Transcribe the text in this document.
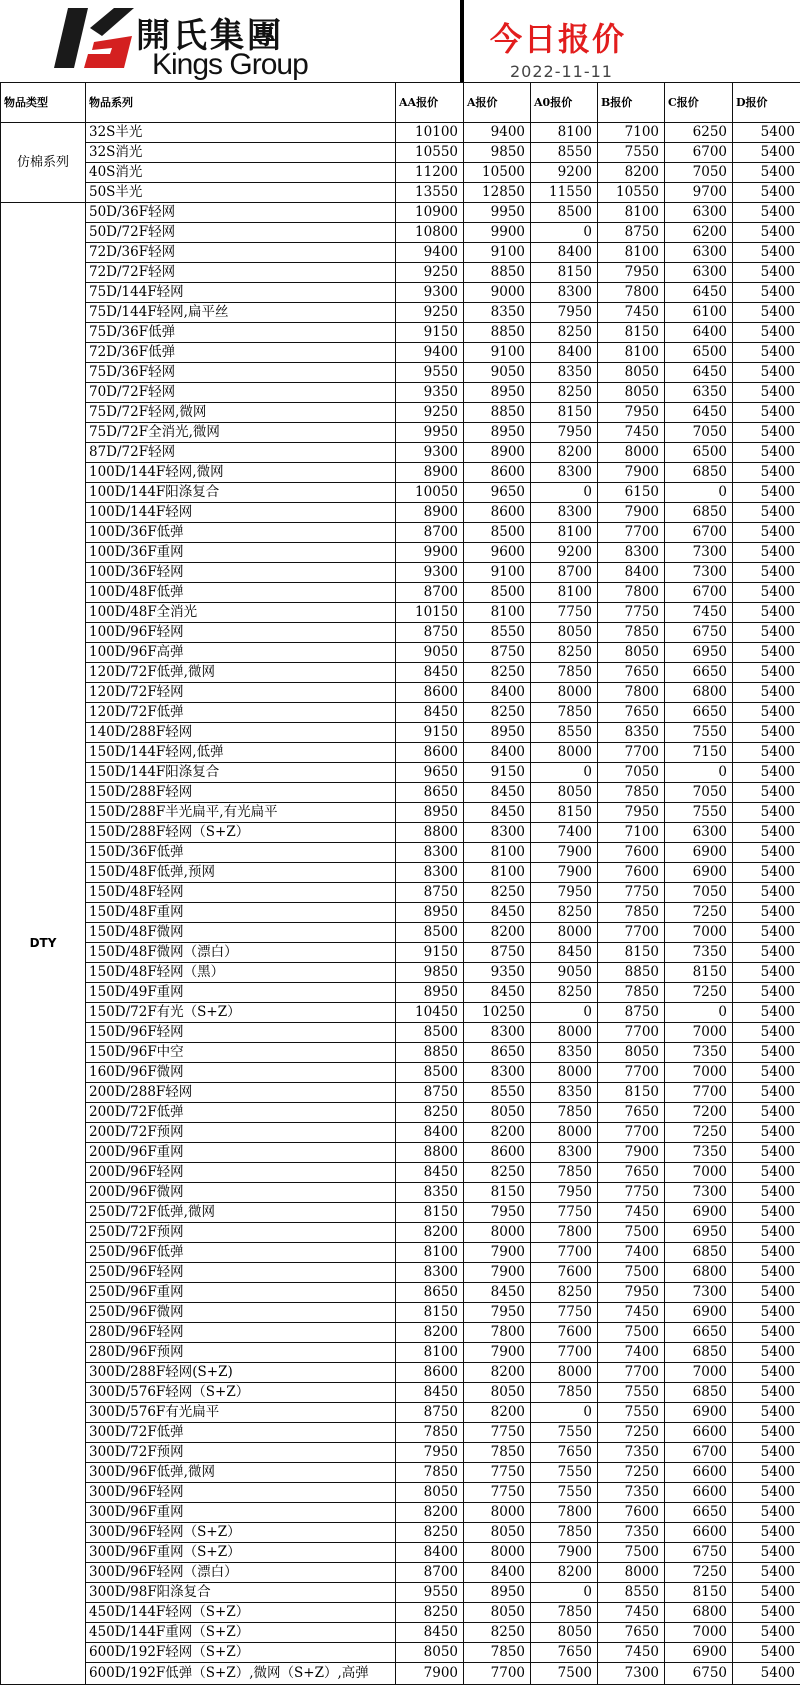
開氏集團
Kings Group
今日报价
2022-11-11
物品类型	物品系列	AA报价	A报价	A0报价	B报价	C报价	D报价
仿棉系列	32S半光	10100	9400	8100	7100	6250	5400
	32S消光	10550	9850	8550	7550	6700	5400
	40S消光	11200	10500	9200	8200	7050	5400
	50S半光	13550	12850	11550	10550	9700	5400
DTY	50D/36F轻网	10900	9950	8500	8100	6300	5400
	50D/72F轻网	10800	9900	0	8750	6200	5400
	72D/36F轻网	9400	9100	8400	8100	6300	5400
	72D/72F轻网	9250	8850	8150	7950	6300	5400
	75D/144F轻网	9300	9000	8300	7800	6450	5400
	75D/144F轻网,扁平丝	9250	8350	7950	7450	6100	5400
	75D/36F低弹	9150	8850	8250	8150	6400	5400
	72D/36F低弹	9400	9100	8400	8100	6500	5400
	75D/36F轻网	9550	9050	8350	8050	6450	5400
	70D/72F轻网	9350	8950	8250	8050	6350	5400
	75D/72F轻网,微网	9250	8850	8150	7950	6450	5400
	75D/72F全消光,微网	9950	8950	7950	7450	7050	5400
	87D/72F轻网	9300	8900	8200	8000	6500	5400
	100D/144F轻网,微网	8900	8600	8300	7900	6850	5400
	100D/144F阳涤复合	10050	9650	0	6150	0	5400
	100D/144F轻网	8900	8600	8300	7900	6850	5400
	100D/36F低弹	8700	8500	8100	7700	6700	5400
	100D/36F重网	9900	9600	9200	8300	7300	5400
	100D/36F轻网	9300	9100	8700	8400	7300	5400
	100D/48F低弹	8700	8500	8100	7800	6700	5400
	100D/48F全消光	10150	8100	7750	7750	7450	5400
	100D/96F轻网	8750	8550	8050	7850	6750	5400
	100D/96F高弹	9050	8750	8250	8050	6950	5400
	120D/72F低弹,微网	8450	8250	7850	7650	6650	5400
	120D/72F轻网	8600	8400	8000	7800	6800	5400
	120D/72F低弹	8450	8250	7850	7650	6650	5400
	140D/288F轻网	9150	8950	8550	8350	7550	5400
	150D/144F轻网,低弹	8600	8400	8000	7700	7150	5400
	150D/144F阳涤复合	9650	9150	0	7050	0	5400
	150D/288F轻网	8650	8450	8050	7850	7050	5400
	150D/288F半光扁平,有光扁平	8950	8450	8150	7950	7550	5400
	150D/288F轻网（S+Z）	8800	8300	7400	7100	6300	5400
	150D/36F低弹	8300	8100	7900	7600	6900	5400
	150D/48F低弹,预网	8300	8100	7900	7600	6900	5400
	150D/48F轻网	8750	8250	7950	7750	7050	5400
	150D/48F重网	8950	8450	8250	7850	7250	5400
	150D/48F微网	8500	8200	8000	7700	7000	5400
	150D/48F微网（漂白）	9150	8750	8450	8150	7350	5400
	150D/48F轻网（黑）	9850	9350	9050	8850	8150	5400
	150D/49F重网	8950	8450	8250	7850	7250	5400
	150D/72F有光（S+Z）	10450	10250	0	8750	0	5400
	150D/96F轻网	8500	8300	8000	7700	7000	5400
	150D/96F中空	8850	8650	8350	8050	7350	5400
	160D/96F微网	8500	8300	8000	7700	7000	5400
	200D/288F轻网	8750	8550	8350	8150	7700	5400
	200D/72F低弹	8250	8050	7850	7650	7200	5400
	200D/72F预网	8400	8200	8000	7700	7250	5400
	200D/96F重网	8800	8600	8300	7900	7350	5400
	200D/96F轻网	8450	8250	7850	7650	7000	5400
	200D/96F微网	8350	8150	7950	7750	7300	5400
	250D/72F低弹,微网	8150	7950	7750	7450	6900	5400
	250D/72F预网	8200	8000	7800	7500	6950	5400
	250D/96F低弹	8100	7900	7700	7400	6850	5400
	250D/96F轻网	8300	7900	7600	7500	6800	5400
	250D/96F重网	8650	8450	8250	7950	7300	5400
	250D/96F微网	8150	7950	7750	7450	6900	5400
	280D/96F轻网	8200	7800	7600	7500	6650	5400
	280D/96F预网	8100	7900	7700	7400	6850	5400
	300D/288F轻网(S+Z)	8600	8200	8000	7700	7000	5400
	300D/576F轻网（S+Z）	8450	8050	7850	7550	6850	5400
	300D/576F有光扁平	8750	8200	0	7550	6900	5400
	300D/72F低弹	7850	7750	7550	7250	6600	5400
	300D/72F预网	7950	7850	7650	7350	6700	5400
	300D/96F低弹,微网	7850	7750	7550	7250	6600	5400
	300D/96F轻网	8050	7750	7550	7350	6600	5400
	300D/96F重网	8200	8000	7800	7600	6650	5400
	300D/96F轻网（S+Z）	8250	8050	7850	7350	6600	5400
	300D/96F重网（S+Z）	8400	8000	7900	7500	6750	5400
	300D/96F轻网（漂白）	8700	8400	8200	8000	7250	5400
	300D/98F阳涤复合	9550	8950	0	8550	8150	5400
	450D/144F轻网（S+Z）	8250	8050	7850	7450	6800	5400
	450D/144F重网（S+Z）	8450	8250	8050	7650	7000	5400
	600D/192F轻网（S+Z）	8050	7850	7650	7450	6900	5400
	600D/192F低弹（S+Z）,微网（S+Z）,高弹	7900	7700	7500	7300	6750	5400
